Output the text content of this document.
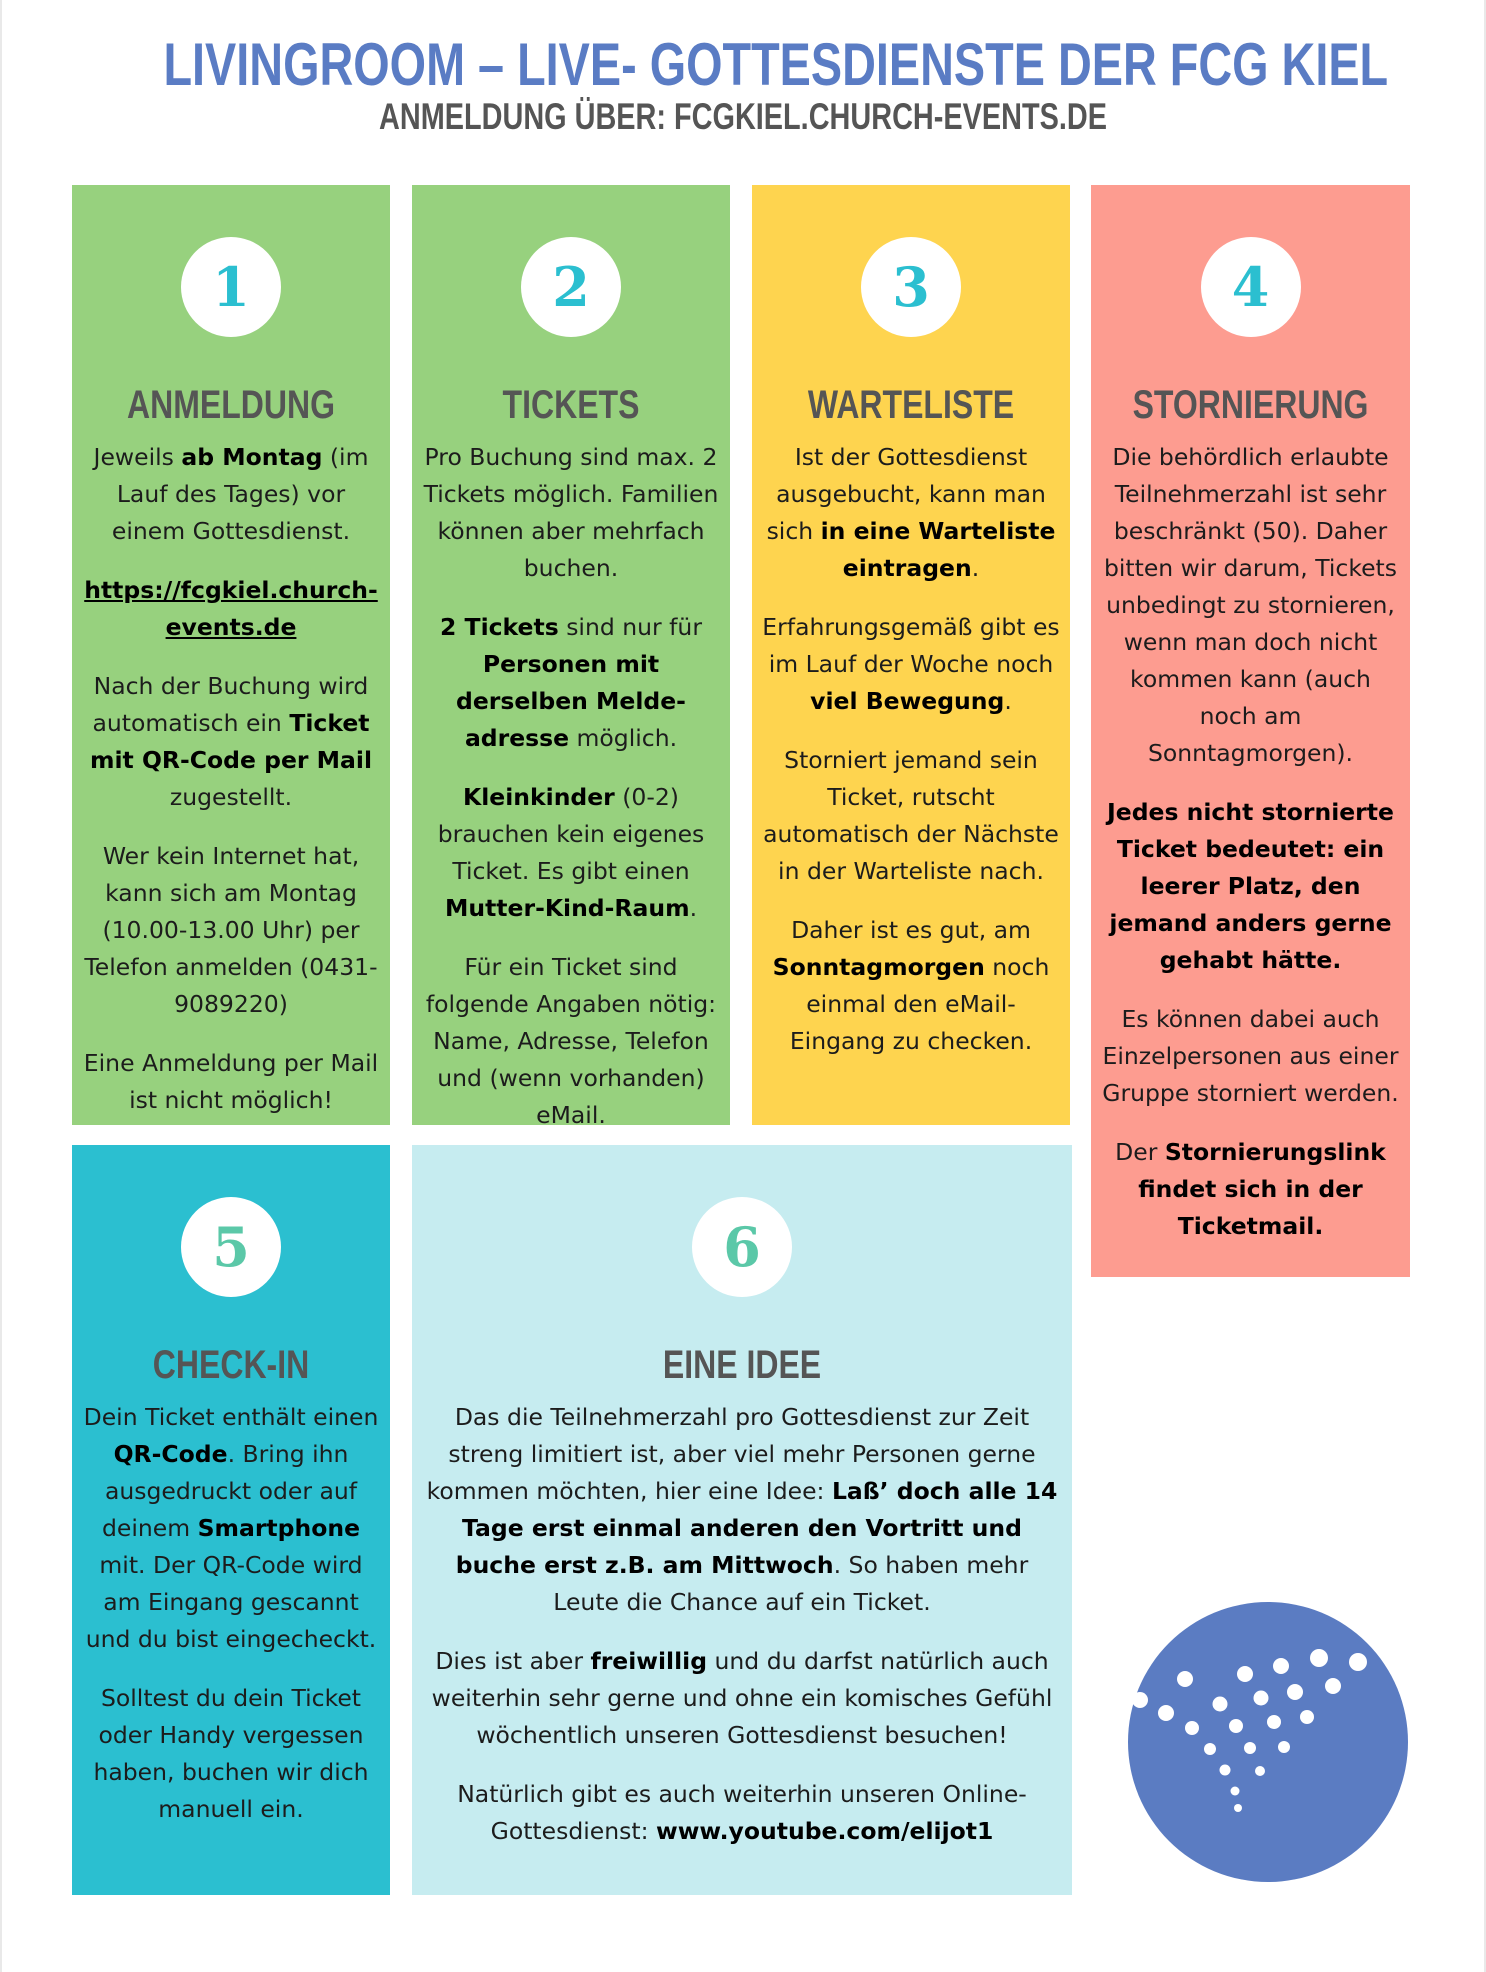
LIVINGROOM – LIVE- GOTTESDIENSTE DER FCG KIEL
ANMELDUNG ÜBER: FCGKIEL.CHURCH-EVENTS.DE
1
ANMELDUNG

Jeweils ab Montag (im Lauf des Tages) vor einem Gottesdienst.

https://fcgkiel.church-events.de

Nach der Buchung wird automatisch ein Ticket mit QR-Code per Mail zugestellt.

Wer kein Internet hat, kann sich am Montag (10.00-13.00 Uhr) per Telefon anmelden (0431-9089220)

Eine Anmeldung per Mail ist nicht möglich!

2
TICKETS

Pro Buchung sind max. 2 Tickets möglich. Familien können aber mehrfach buchen.

2 Tickets sind nur für Personen mit derselben Melde-adresse möglich.

Kleinkinder (0-2) brauchen kein eigenes Ticket. Es gibt einen Mutter-Kind-Raum.

Für ein Ticket sind folgende Angaben nötig: Name, Adresse, Telefon und (wenn vorhanden) eMail.

3
WARTELISTE

Ist der Gottesdienst ausgebucht, kann man sich in eine Warteliste eintragen.

Erfahrungsgemäß gibt es im Lauf der Woche noch viel Bewegung.

Storniert jemand sein Ticket, rutscht automatisch der Nächste in der Warteliste nach.

Daher ist es gut, am Sonntagmorgen noch einmal den eMail-Eingang zu checken.

4
STORNIERUNG

Die behördlich erlaubte Teilnehmerzahl ist sehr beschränkt (50). Daher bitten wir darum, Tickets unbedingt zu stornieren, wenn man doch nicht kommen kann (auch noch am Sonntagmorgen).

Jedes nicht stornierte Ticket bedeutet: ein leerer Platz, den jemand anders gerne gehabt hätte.

Es können dabei auch Einzelpersonen aus einer Gruppe storniert werden.

Der Stornierungslink findet sich in der Ticketmail.

5
CHECK-IN

Dein Ticket enthält einen QR-Code. Bring ihn ausgedruckt oder auf deinem Smartphone mit. Der QR-Code wird am Eingang gescannt und du bist eingecheckt.

Solltest du dein Ticket oder Handy vergessen haben, buchen wir dich manuell ein.

6
EINE IDEE

Das die Teilnehmerzahl pro Gottesdienst zur Zeit streng limitiert ist, aber viel mehr Personen gerne kommen möchten, hier eine Idee: Laß’ doch alle 14 Tage erst einmal anderen den Vortritt und buche erst z.B. am Mittwoch. So haben mehr Leute die Chance auf ein Ticket.

Dies ist aber freiwillig und du darfst natürlich auch weiterhin sehr gerne und ohne ein komisches Gefühl wöchentlich unseren Gottesdienst besuchen!

Natürlich gibt es auch weiterhin unseren Online-Gottesdienst: www.youtube.com/elijot1
